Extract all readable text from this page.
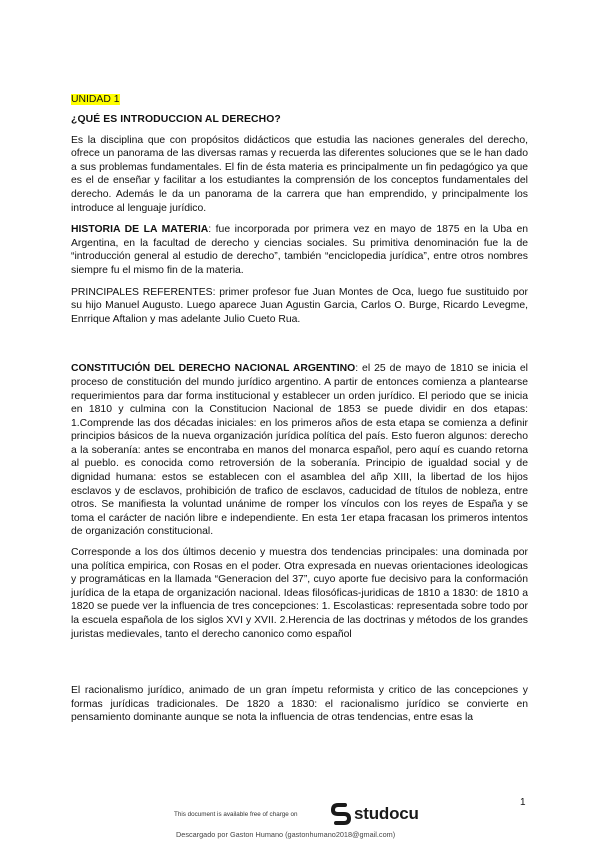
UNIDAD 1

¿QUÉ ES INTRODUCCION AL DERECHO?

Es la disciplina que con propósitos didácticos que estudia las naciones generales del derecho, ofrece un panorama de las diversas ramas y recuerda las diferentes soluciones que se le han dado a sus problemas fundamentales. El fin de ésta materia es principalmente un fin pedagógico ya que es el de enseñar y facilitar a los estudiantes la comprensión de los conceptos fundamentales del derecho. Además le da un panorama de la carrera que han emprendido, y principalmente los introduce al lenguaje jurídico.

HISTORIA DE LA MATERIA: fue incorporada por primera vez en mayo de 1875 en la Uba en Argentina, en la facultad de derecho y ciencias sociales. Su primitiva denominación fue la de “introducción general al estudio de derecho”, también “enciclopedia jurídica”, entre otros nombres siempre fu el mismo fin de la materia.

PRINCIPALES REFERENTES: primer profesor fue Juan Montes de Oca, luego fue sustituido por su hijo Manuel Augusto. Luego aparece Juan Agustin Garcia, Carlos O. Burge, Ricardo Levegme, Enrrique Aftalion y mas adelante Julio Cueto Rua.

CONSTITUCIÓN DEL DERECHO NACIONAL ARGENTINO: el 25 de mayo de 1810 se inicia el proceso de constitución del mundo jurídico argentino. A partir de entonces comienza a plantearse requerimientos para dar forma institucional y establecer un orden jurídico. El periodo que se inicia en 1810 y culmina con la Constitucion Nacional de 1853 se puede dividir en dos etapas: 1.Comprende las dos décadas iniciales: en los primeros años de esta etapa se comienza a definir principios básicos de la nueva organización jurídica política del país. Esto fueron algunos: derecho a la soberanía: antes se encontraba en manos del monarca español, pero aquí es cuando retorna al pueblo. es conocida como retroversión de la soberanía. Principio de igualdad social y de dignidad humana: estos se establecen con el asamblea del añp XIII, la libertad de los hijos esclavos y de esclavos, prohibición de trafico de esclavos, caducidad de títulos de nobleza, entre otros. Se manifiesta la voluntad unánime de romper los vínculos con los reyes de España y se toma el carácter de nación libre e independiente. En esta 1er etapa fracasan los primeros intentos de organización constitucional.

Corresponde a los dos últimos decenio y muestra dos tendencias principales: una dominada por una política empirica, con Rosas en el poder. Otra expresada en nuevas orientaciones ideologicas y programáticas en la llamada “Generacion del 37”, cuyo aporte fue decisivo para la conformación jurídica de la etapa de organización nacional. Ideas filosóficas-juridicas de 1810 a 1830: de 1810 a 1820 se puede ver la influencia de tres concepciones: 1. Escolasticas: representada sobre todo por la escuela española de los siglos XVI y XVII. 2.Herencia de las doctrinas y métodos de los grandes juristas medievales, tanto el derecho canonico como español

El racionalismo jurídico, animado de un gran ímpetu reformista y critico de las concepciones y formas jurídicas tradicionales. De 1820 a 1830: el racionalismo jurídico se convierte en pensamiento dominante aunque se nota la influencia de otras tendencias, entre esas la

1
This document is available free of charge on	studocu
Descargado por Gaston Humano (gastonhumano2018@gmail.com)
